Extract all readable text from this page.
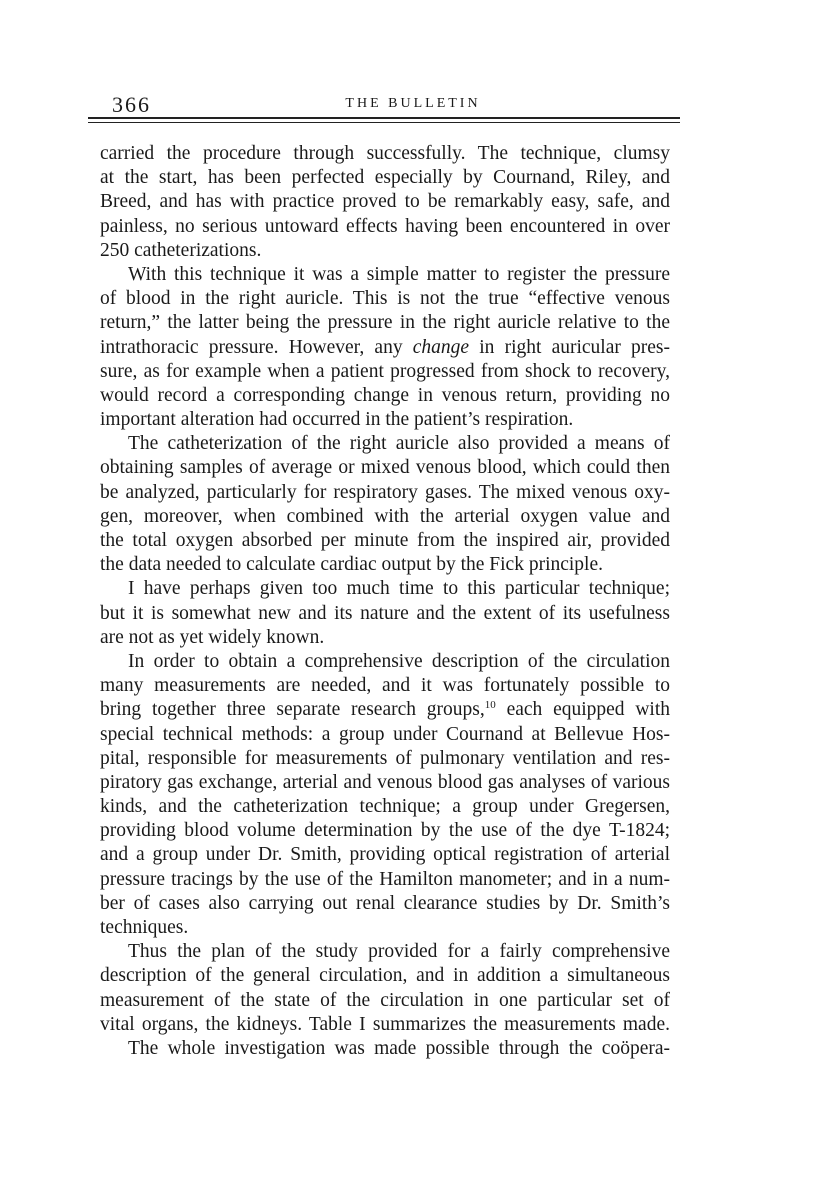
366	THE BULLETIN
carried the procedure through successfully. The technique, clumsy
at the start, has been perfected especially by Cournand, Riley, and
Breed, and has with practice proved to be remarkably easy, safe, and
painless, no serious untoward effects having been encountered in over
250 catheterizations.
With this technique it was a simple matter to register the pressure
of blood in the right auricle. This is not the true “effective venous
return,” the latter being the pressure in the right auricle relative to the
intrathoracic pressure. However, any change in right auricular pres-
sure, as for example when a patient progressed from shock to recovery,
would record a corresponding change in venous return, providing no
important alteration had occurred in the patient’s respiration.
The catheterization of the right auricle also provided a means of
obtaining samples of average or mixed venous blood, which could then
be analyzed, particularly for respiratory gases. The mixed venous oxy-
gen, moreover, when combined with the arterial oxygen value and
the total oxygen absorbed per minute from the inspired air, provided
the data needed to calculate cardiac output by the Fick principle.
I have perhaps given too much time to this particular technique;
but it is somewhat new and its nature and the extent of its usefulness
are not as yet widely known.
In order to obtain a comprehensive description of the circulation
many measurements are needed, and it was fortunately possible to
bring together three separate research groups,$^{10}$ each equipped with
special technical methods: a group under Cournand at Bellevue Hos-
pital, responsible for measurements of pulmonary ventilation and res-
piratory gas exchange, arterial and venous blood gas analyses of various
kinds, and the catheterization technique; a group under Gregersen,
providing blood volume determination by the use of the dye T-1824;
and a group under Dr. Smith, providing optical registration of arterial
pressure tracings by the use of the Hamilton manometer; and in a num-
ber of cases also carrying out renal clearance studies by Dr. Smith’s
techniques.
Thus the plan of the study provided for a fairly comprehensive
description of the general circulation, and in addition a simultaneous
measurement of the state of the circulation in one particular set of
vital organs, the kidneys. Table I summarizes the measurements made.
The whole investigation was made possible through the coöpera-
